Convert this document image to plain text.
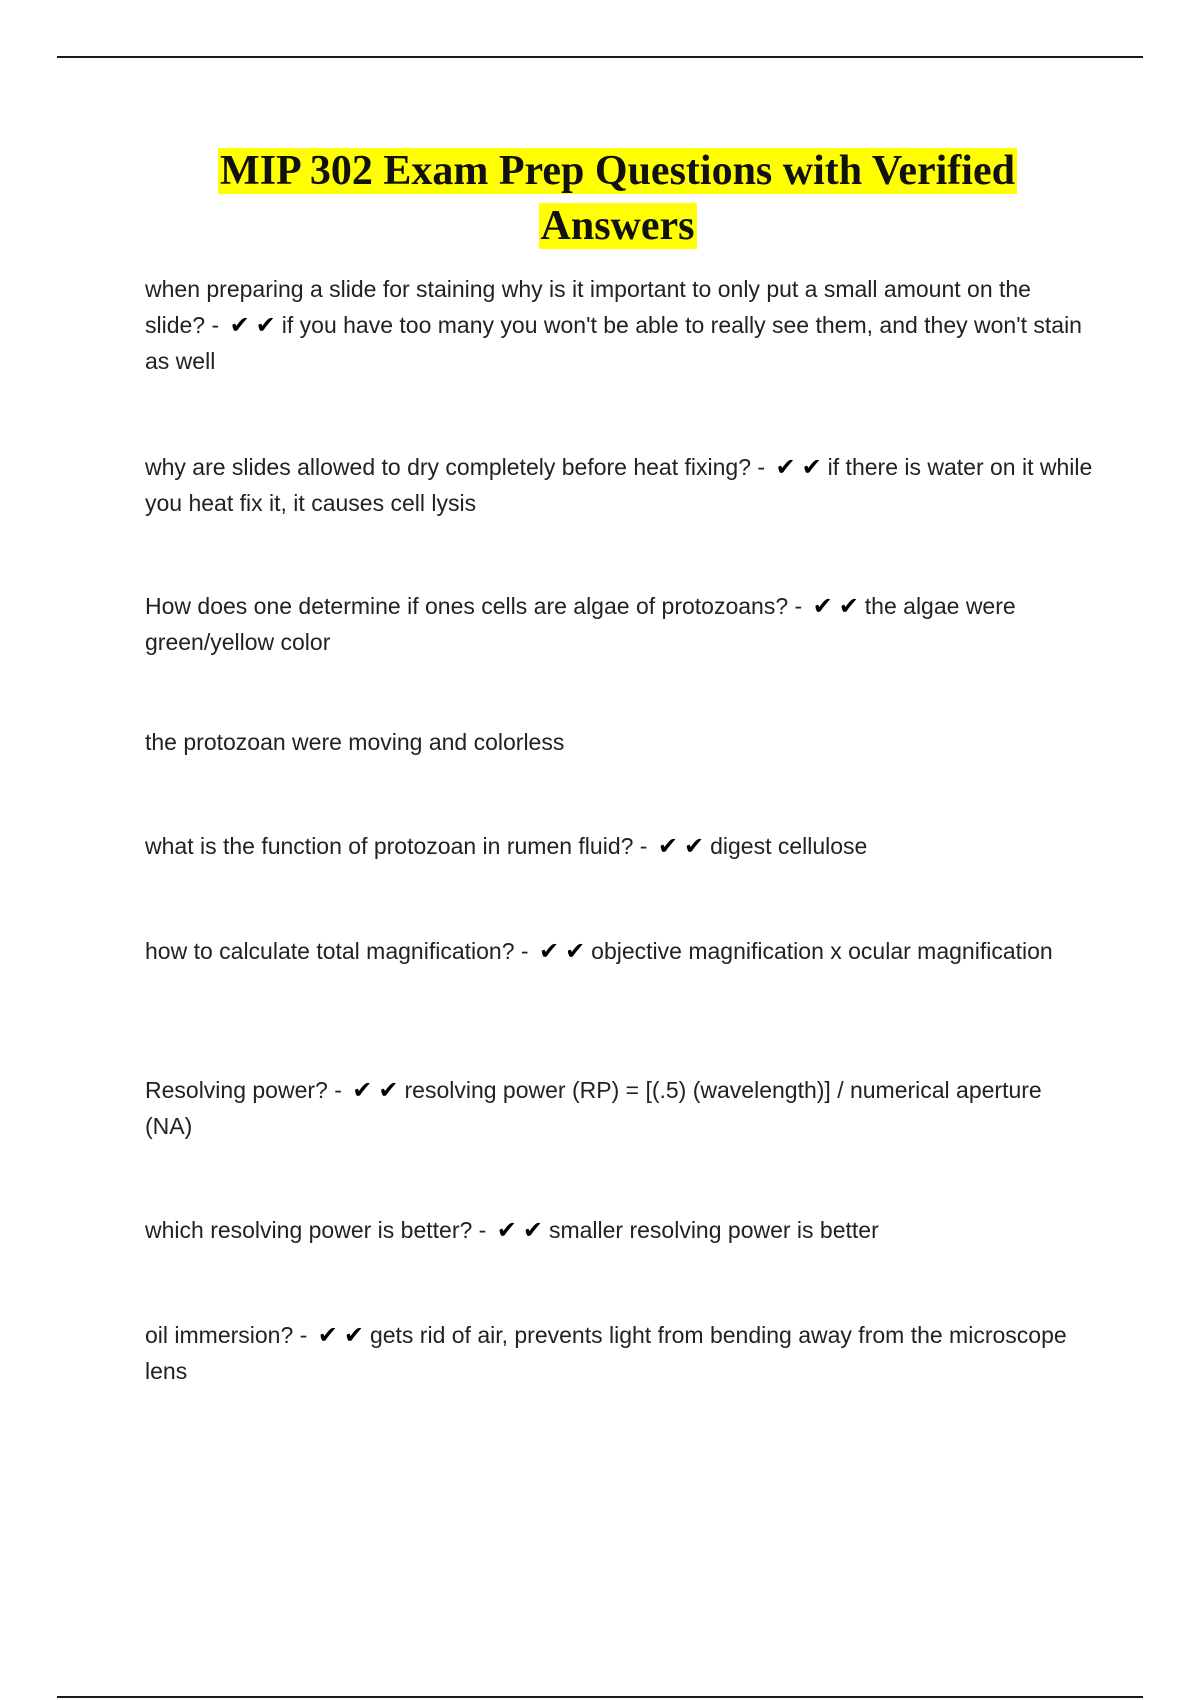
MIP 302 Exam Prep Questions with Verified Answers

when preparing a slide for staining why is it important to only put a small amount on the slide? - ✔ ✔ if you have too many you won't be able to really see them, and they won't stain as well

why are slides allowed to dry completely before heat fixing? - ✔ ✔ if there is water on it while you heat fix it, it causes cell lysis

How does one determine if ones cells are algae of protozoans? - ✔ ✔ the algae were green/yellow color

the protozoan were moving and colorless

what is the function of protozoan in rumen fluid? - ✔ ✔ digest cellulose

how to calculate total magnification? - ✔ ✔ objective magnification x ocular magnification

Resolving power? - ✔ ✔ resolving power (RP) = [(.5) (wavelength)] / numerical aperture (NA)

which resolving power is better? - ✔ ✔ smaller resolving power is better

oil immersion? - ✔ ✔ gets rid of air, prevents light from bending away from the microscope lens
